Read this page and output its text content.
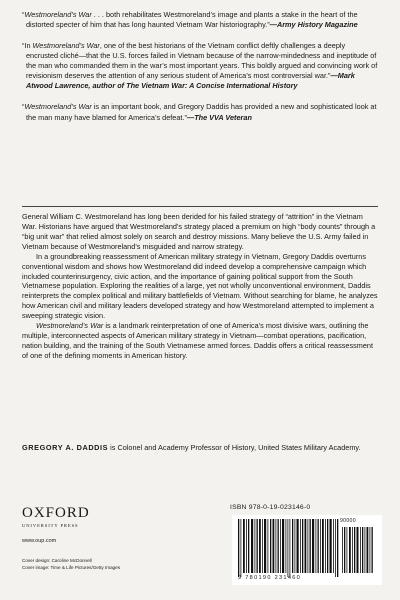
“Westmoreland’s War . . . both rehabilitates Westmoreland’s image and plants a stake in the heart of the distorted specter of him that has long haunted Vietnam War historiography.”—Army History Magazine

“In Westmoreland’s War, one of the best historians of the Vietnam conflict deftly challenges a deeply encrusted cliché—that the U.S. forces failed in Vietnam because of the narrow-mindedness and ineptitude of the man who commanded them in the war’s most important years. This boldly argued and convincing work of revisionism deserves the attention of any serious student of America’s most controversial war.”—Mark Atwood Lawrence, author of The Vietnam War: A Concise International History

“Westmoreland’s War is an important book, and Gregory Daddis has provided a new and sophisticated look at the man many have blamed for America’s defeat.”—The VVA Veteran

General William C. Westmoreland has long been derided for his failed strategy of “attrition” in the Vietnam War. Historians have argued that Westmoreland’s strategy placed a premium on high “body counts” through a “big unit war” that relied almost solely on search and destroy missions. Many believe the U.S. Army failed in Vietnam because of Westmoreland’s misguided and narrow strategy.

In a groundbreaking reassessment of American military strategy in Vietnam, Gregory Daddis overturns conventional wisdom and shows how Westmoreland did indeed develop a comprehensive campaign which included counterinsurgency, civic action, and the importance of gaining political support from the South Vietnamese population. Exploring the realities of a large, yet not wholly unconventional environment, Daddis reinterprets the complex political and military battlefields of Vietnam. Without searching for blame, he analyzes how American civil and military leaders developed strategy and how Westmoreland attempted to implement a sweeping strategic vision.

Westmoreland’s War is a landmark reinterpretation of one of America’s most divisive wars, outlining the multiple, interconnected aspects of American military strategy in Vietnam—combat operations, pacification, nation building, and the training of the South Vietnamese armed forces. Daddis offers a critical reassessment of one of the defining moments in American history.

GREGORY A. DADDIS is Colonel and Academy Professor of History, United States Military Academy.
OXFORD
UNIVERSITY PRESS
www.oup.com
Cover design: Caroline McDonnell
Cover image: Time & Life Pictures/Getty Images
ISBN 978-0-19-023146-0
90000
9 780190 231460
